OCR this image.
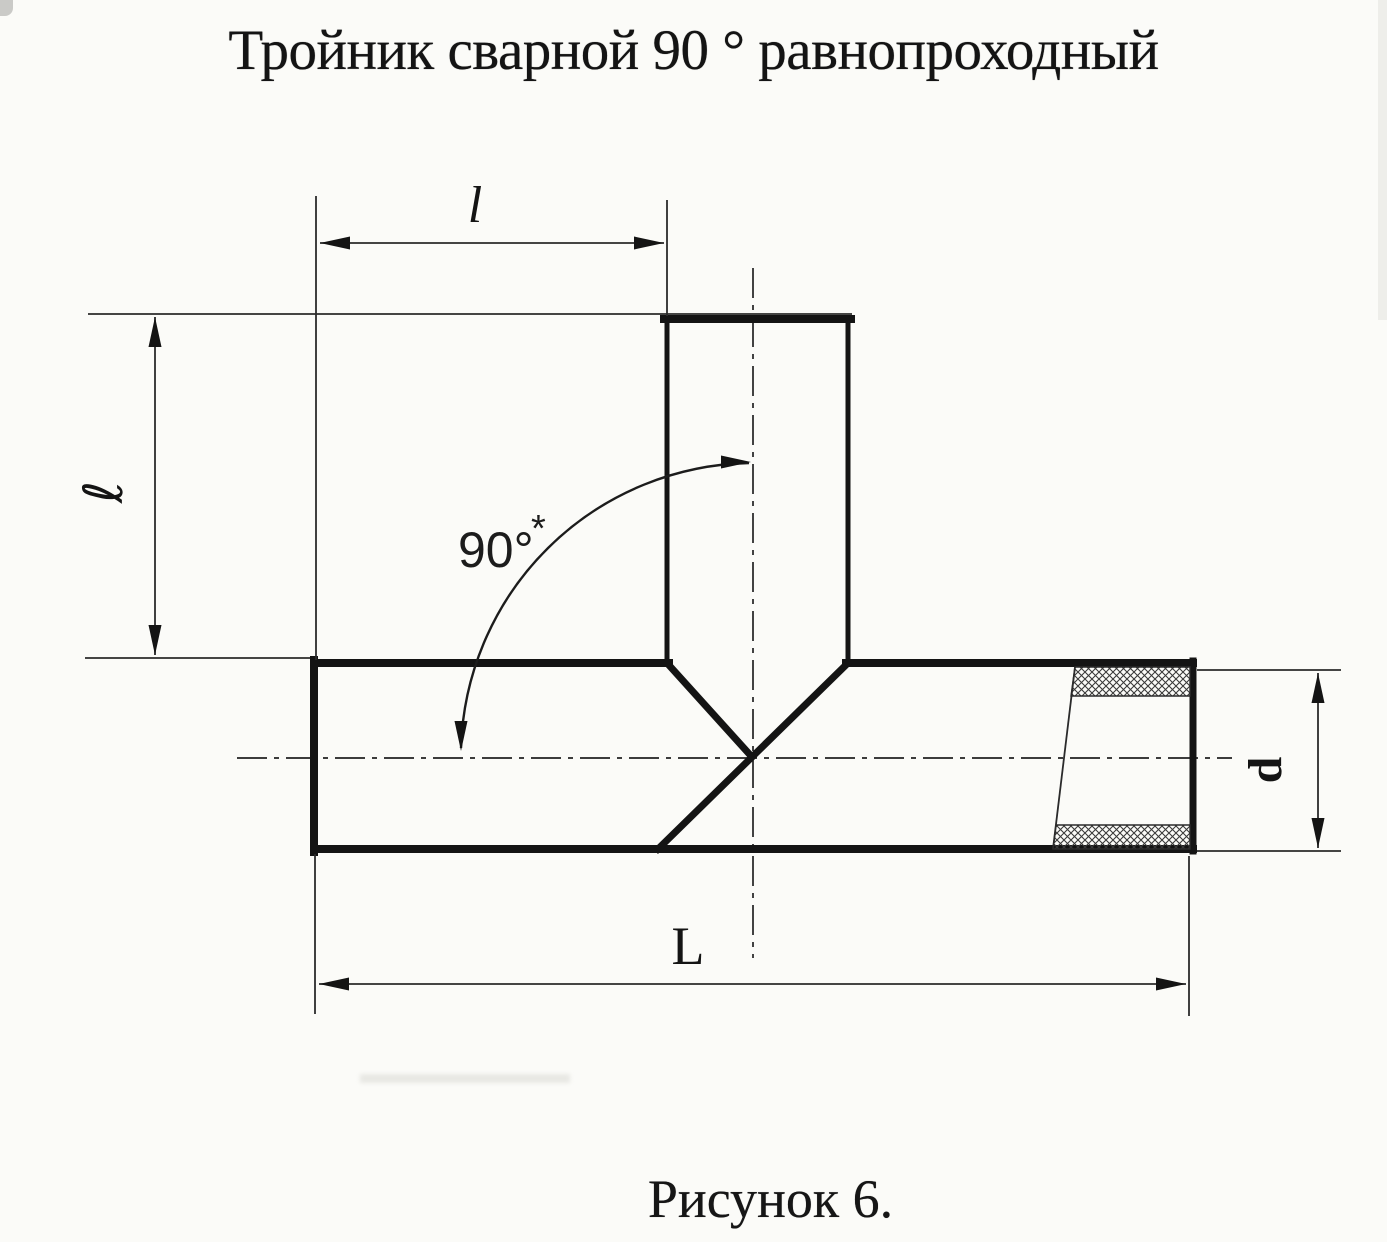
Тройник сварной 90 ° равнопроходный
l
ℓ
90°
*
L
d
Рисунок 6.
